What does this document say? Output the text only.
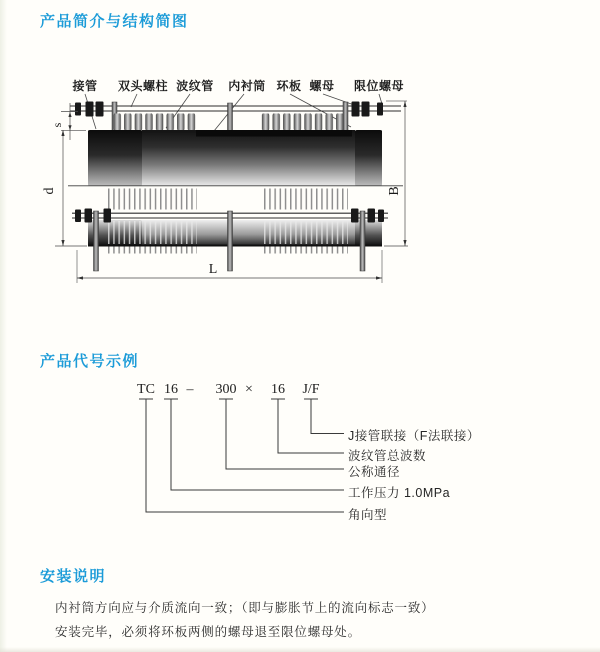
产品简介与结构简图
接管 双头螺柱 波纹管 内衬筒 环板 螺母 限位螺母
s
d	B
L
产品代号示例
TC 16 – 300 × 16 J/F
J接管联接（F法联接）
波纹管总波数
公称通径
工作压力 1.0MPa
角向型
安装说明

内衬筒方向应与介质流向一致；（即与膨胀节上的流向标志一致）

安装完毕，必须将环板两侧的螺母退至限位螺母处。
